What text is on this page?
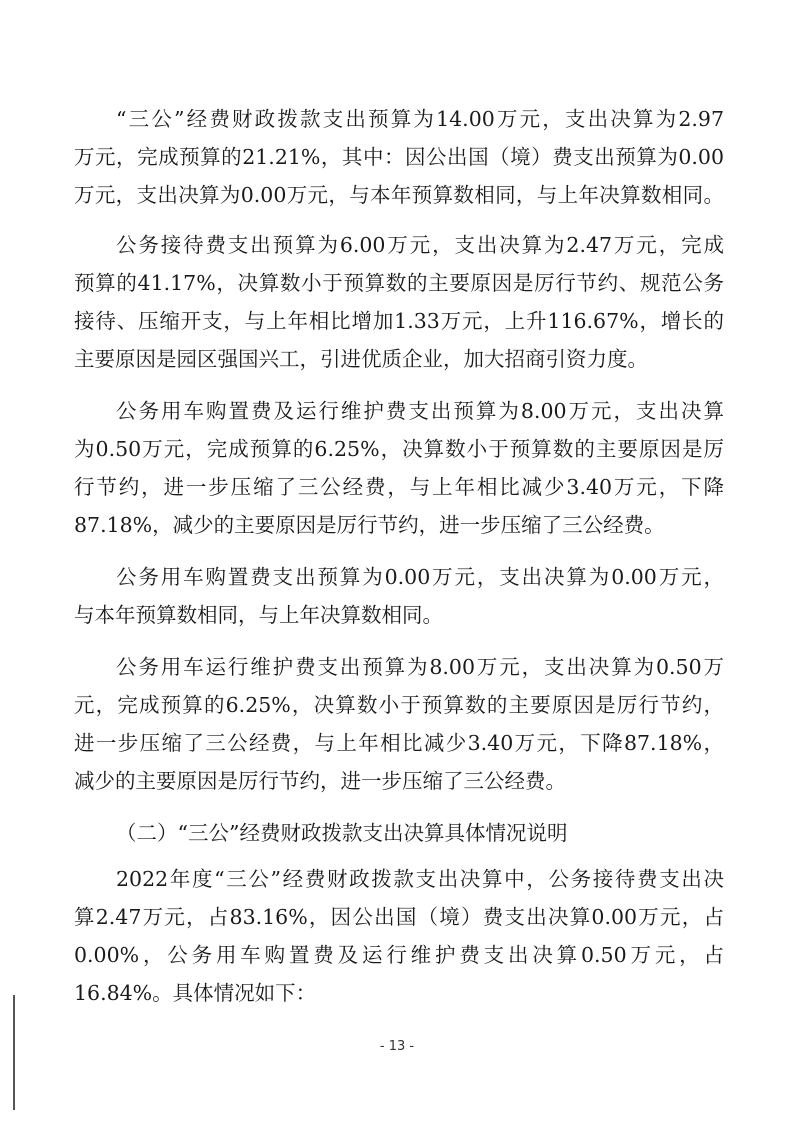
“三公”经费财政拨款支出预算为14.00万元，支出决算为2.97
万元，完成预算的21.21%，其中：因公出国（境）费支出预算为0.00
万元，支出决算为0.00万元，与本年预算数相同，与上年决算数相同。
公务接待费支出预算为6.00万元，支出决算为2.47万元，完成
预算的41.17%，决算数小于预算数的主要原因是厉行节约、规范公务
接待、压缩开支，与上年相比增加1.33万元，上升116.67%，增长的
主要原因是园区强国兴工，引进优质企业，加大招商引资力度。
公务用车购置费及运行维护费支出预算为8.00万元，支出决算
为0.50万元，完成预算的6.25%，决算数小于预算数的主要原因是厉
行节约，进一步压缩了三公经费，与上年相比减少3.40万元，下降
87.18%，减少的主要原因是厉行节约，进一步压缩了三公经费。
公务用车购置费支出预算为0.00万元，支出决算为0.00万元，
与本年预算数相同，与上年决算数相同。
公务用车运行维护费支出预算为8.00万元，支出决算为0.50万
元，完成预算的6.25%，决算数小于预算数的主要原因是厉行节约，
进一步压缩了三公经费，与上年相比减少3.40万元，下降87.18%，
减少的主要原因是厉行节约，进一步压缩了三公经费。
（二）“三公”经费财政拨款支出决算具体情况说明
2022年度“三公”经费财政拨款支出决算中，公务接待费支出决
算2.47万元，占83.16%，因公出国（境）费支出决算0.00万元，占
0.00%，公务用车购置费及运行维护费支出决算0.50万元，占
16.84%。具体情况如下：
- 13 -
